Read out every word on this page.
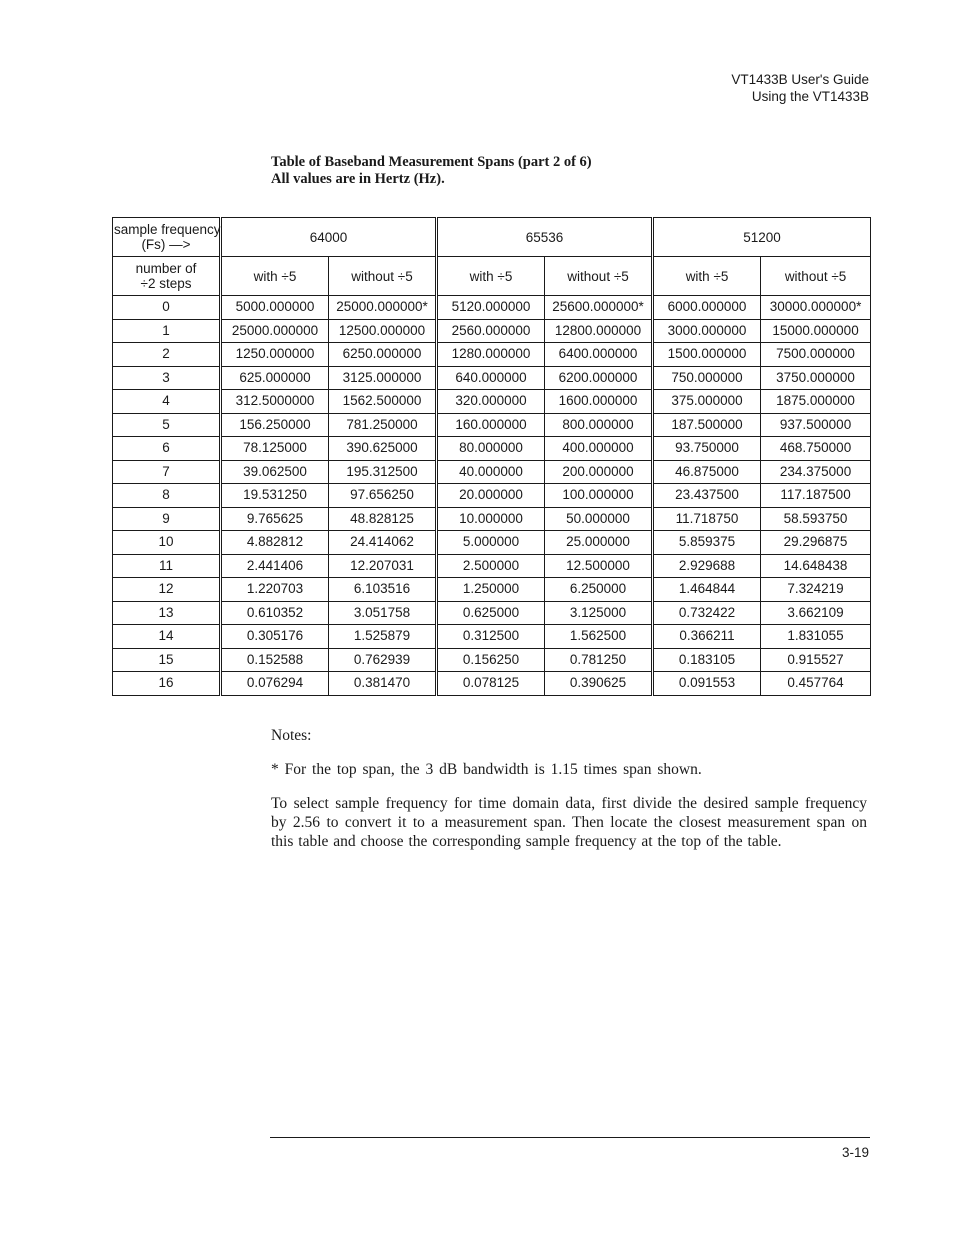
VT1433B User's Guide
Using the VT1433B
Table of Baseband Measurement Spans (part 2 of 6)
All values are in Hertz (Hz).
sample frequency
(Fs) —>	64000		65536		51200	

number of
÷2 steps	with ÷5	without ÷5	with ÷5	without ÷5	with ÷5	without ÷5
0	5000.000000	25000.000000*	5120.000000	25600.000000*	6000.000000	30000.000000*
1	25000.000000	12500.000000	2560.000000	12800.000000	3000.000000	15000.000000
2	1250.000000	6250.000000	1280.000000	6400.000000	1500.000000	7500.000000
3	625.000000	3125.000000	640.000000	6200.000000	750.000000	3750.000000
4	312.5000000	1562.500000	320.000000	1600.000000	375.000000	1875.000000
5	156.250000	781.250000	160.000000	800.000000	187.500000	937.500000
6	78.125000	390.625000	80.000000	400.000000	93.750000	468.750000
7	39.062500	195.312500	40.000000	200.000000	46.875000	234.375000
8	19.531250	97.656250	20.000000	100.000000	23.437500	117.187500
9	9.765625	48.828125	10.000000	50.000000	11.718750	58.593750
10	4.882812	24.414062	5.000000	25.000000	5.859375	29.296875
11	2.441406	12.207031	2.500000	12.500000	2.929688	14.648438
12	1.220703	6.103516	1.250000	6.250000	1.464844	7.324219
13	0.610352	3.051758	0.625000	3.125000	0.732422	3.662109
14	0.305176	1.525879	0.312500	1.562500	0.366211	1.831055
15	0.152588	0.762939	0.156250	0.781250	0.183105	0.915527
16	0.076294	0.381470	0.078125	0.390625	0.091553	0.457764

Notes:

* For the top span, the 3 dB bandwidth is 1.15 times span shown.

To select sample frequency for time domain data, first divide the desired sample frequency by 2.56 to convert it to a measurement span. Then locate the closest measurement span on this table and choose the corresponding sample frequency at the top of the table.

3-19
